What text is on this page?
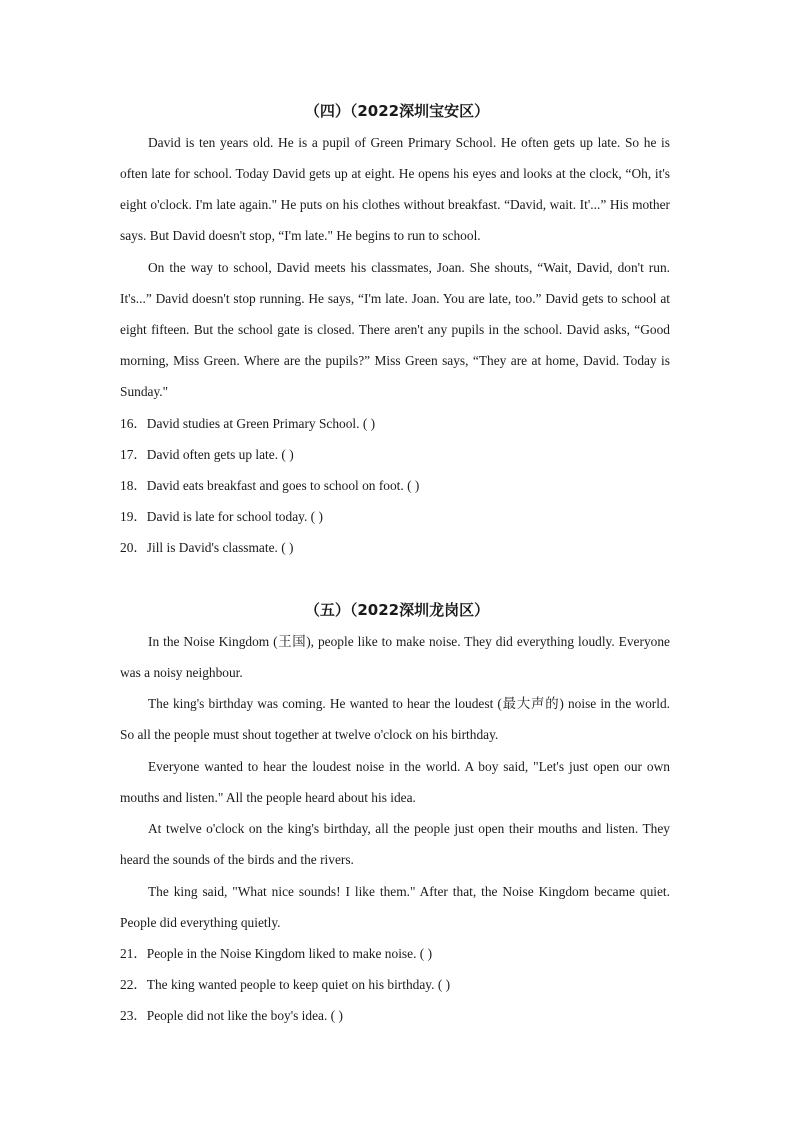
（四）（2022深圳宝安区）

David is ten years old. He is a pupil of Green Primary School. He often gets up late. So he is often late for school. Today David gets up at eight. He opens his eyes and looks at the clock, “Oh, it's eight o'clock. I'm late again." He puts on his clothes without breakfast. “David, wait. It'...” His mother says. But David doesn't stop, “I'm late." He begins to run to school.

On the way to school, David meets his classmates, Joan. She shouts, “Wait, David, don't run. It's...” David doesn't stop running. He says, “I'm late. Joan. You are late, too.” David gets to school at eight fifteen. But the school gate is closed. There aren't any pupils in the school. David asks, “Good morning, Miss Green. Where are the pupils?” Miss Green says, “They are at home, David. Today is Sunday."

16．David studies at Green Primary School. ( )

17．David often gets up late. ( )

18．David eats breakfast and goes to school on foot. ( )

19．David is late for school today. ( )

20．Jill is David's classmate. ( )

（五）（2022深圳龙岗区）

In the Noise Kingdom (王国), people like to make noise. They did everything loudly. Everyone was a noisy neighbour.

The king's birthday was coming. He wanted to hear the loudest (最大声的) noise in the world. So all the people must shout together at twelve o'clock on his birthday.

Everyone wanted to hear the loudest noise in the world. A boy said, "Let's just open our own mouths and listen." All the people heard about his idea.

At twelve o'clock on the king's birthday, all the people just open their mouths and listen. They heard the sounds of the birds and the rivers.

The king said, "What nice sounds! I like them." After that, the Noise Kingdom became quiet. People did everything quietly.

21．People in the Noise Kingdom liked to make noise. ( )

22．The king wanted people to keep quiet on his birthday. ( )

23．People did not like the boy's idea. ( )
